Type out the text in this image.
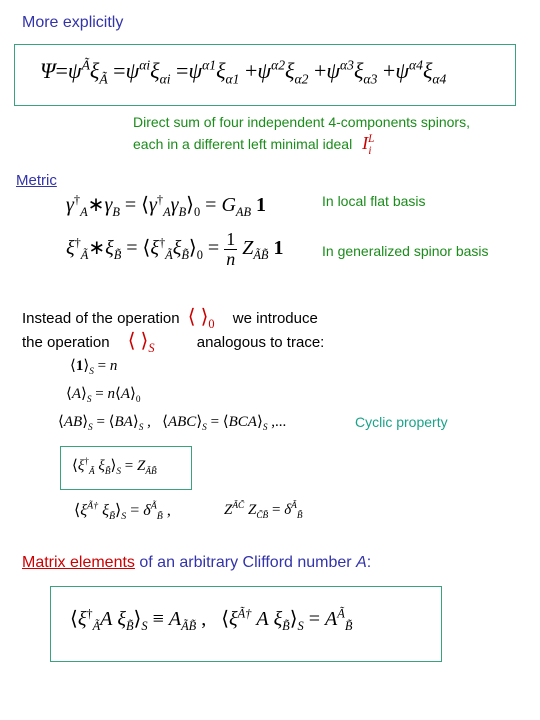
More explicitly
$\Psi=\psi^Ã\xi_Ã =\psi^{\alpha i}\xi_{\alpha i} =\psi^{\alpha 1}\xi_{\alpha 1} +\psi^{\alpha 2}\xi_{\alpha 2} +\psi^{\alpha 3}\xi_{\alpha 3} +\psi^{\alpha 4}\xi_{\alpha 4}$
Direct sum of four independent 4-components spinors,
each in a different left minimal ideal $I^L_i$
Metric
$\gamma^\dagger_A∗\gamma_B$ = $⟨\gamma^\dagger_A\gamma_B⟩_0 = G_{AB}$ 1	In local flat basis
$\xi^\dagger_Ã∗\xi_{B̃}$ = $⟨\xi^\dagger_Ã\xi_{B̃}⟩_0 = \frac{1}{n} Z_{ÃB̃}$ 1	In generalized spinor basis
Instead of the operation ⟨ $⟩_0$ we introduce
the operation ⟨ $⟩_S$	analogous to trace:
$⟨1⟩_S = n$
$⟨A⟩_S$ = $n⟨A⟩_0$
$⟨AB⟩_S$ = $⟨BA⟩_S$ ,   $⟨ABC⟩_S$ = $⟨BCA⟩_S$ ,...	Cyclic property
$⟨\xi^\dagger_Ã$ $\xi_{B̃}⟩_S = Z_{ÃB̃}$
$⟨\xi^{Ã\dagger}$ $\xi_{B̃}⟩_S = \delta^Ã_{B̃}$ ,	$Z^{ÃC̃}$ $Z_{C̃B̃} = \delta^Ã_{B̃}$
Matrix elements of an arbitrary Clifford number A:
$⟨\xi^\dagger_ÃA$ $\xi_{B̃}⟩_S \equiv A_{ÃB̃}$ ,   $⟨\xi^{Ã\dagger}$ A $\xi_{B̃}⟩_S = A^Ã_{B̃}$
